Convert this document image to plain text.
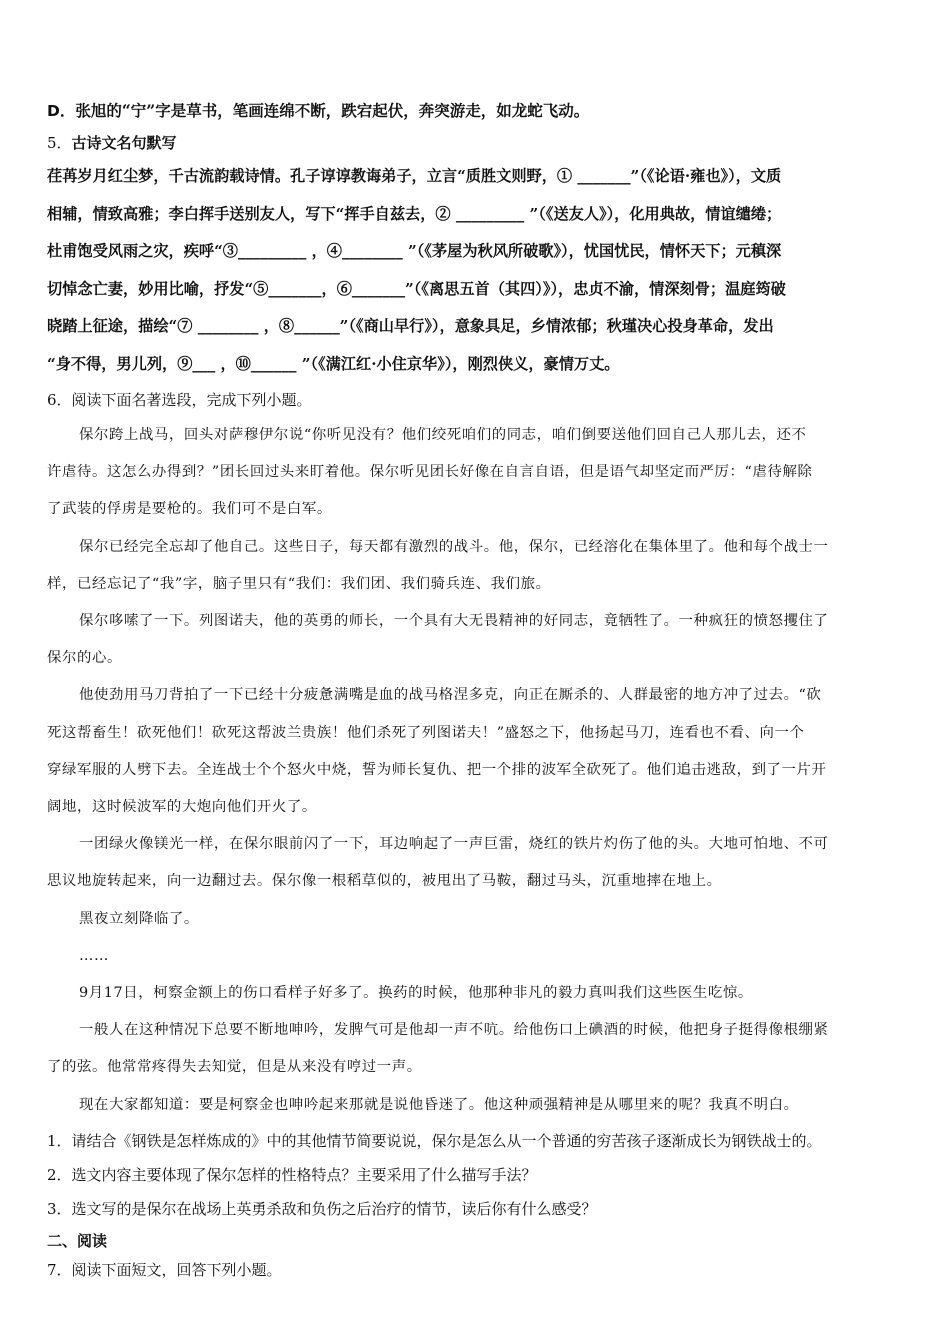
D．张旭的“宁”字是草书，笔画连绵不断，跌宕起伏，奔突游走，如龙蛇飞动。
5．古诗文名句默写
荏苒岁月红尘梦，千古流韵载诗情。孔子谆谆教诲弟子，立言“质胜文则野，① _______”（《论语·雍也》），文质
相辅，情致高雅；李白挥手送别友人，写下“挥手自兹去，② _________ ”（《送友人》），化用典故，情谊缱绻；
杜甫饱受风雨之灾，疾呼“③_________ ，④________ ”（《茅屋为秋风所破歌》），忧国忧民，情怀天下；元稹深
切悼念亡妻，妙用比喻，抒发“⑤_______，⑥_______”（《离思五首（其四）》），忠贞不渝，情深刻骨；温庭筠破
晓踏上征途，描绘“⑦ ________ ，⑧______”（《商山早行》），意象具足，乡情浓郁；秋瑾决心投身革命，发出
“身不得，男儿列，⑨___ ，⑩______ ”（《满江红·小住京华》），刚烈侠义，豪情万丈。
6．阅读下面名著选段，完成下列小题。
保尔跨上战马，回头对萨穆伊尔说“你听见没有？他们绞死咱们的同志，咱们倒要送他们回自己人那儿去，还不
许虐待。这怎么办得到？”团长回过头来盯着他。保尔听见团长好像在自言自语，但是语气却坚定而严厉：“虐待解除
了武装的俘虏是要枪的。我们可不是白军。
保尔已经完全忘却了他自己。这些日子，每天都有激烈的战斗。他，保尔，已经溶化在集体里了。他和每个战士一
样，已经忘记了“我”字，脑子里只有“我们：我们团、我们骑兵连、我们旅。
保尔哆嗦了一下。列图诺夫，他的英勇的师长，一个具有大无畏精神的好同志，竟牺牲了。一种疯狂的愤怒攫住了
保尔的心。
他使劲用马刀背拍了一下已经十分疲惫满嘴是血的战马格涅多克，向正在厮杀的、人群最密的地方冲了过去。“砍
死这帮畜生！砍死他们！砍死这帮波兰贵族！他们杀死了列图诺夫！”盛怒之下，他扬起马刀，连看也不看、向一个
穿绿军服的人劈下去。全连战士个个怒火中烧，誓为师长复仇、把一个排的波军全砍死了。他们追击逃敌，到了一片开
阔地，这时候波军的大炮向他们开火了。
一团绿火像镁光一样，在保尔眼前闪了一下，耳边响起了一声巨雷，烧红的铁片灼伤了他的头。大地可怕地、不可
思议地旋转起来，向一边翻过去。保尔像一根稻草似的，被甩出了马鞍，翻过马头，沉重地摔在地上。
黑夜立刻降临了。
……
9月17日，柯察金额上的伤口看样子好多了。换药的时候，他那种非凡的毅力真叫我们这些医生吃惊。
一般人在这种情况下总要不断地呻吟，发脾气可是他却一声不吭。给他伤口上碘酒的时候，他把身子挺得像根绷紧
了的弦。他常常疼得失去知觉，但是从来没有哼过一声。
现在大家都知道：要是柯察金也呻吟起来那就是说他昏迷了。他这种顽强精神是从哪里来的呢？我真不明白。
1．请结合《钢铁是怎样炼成的》中的其他情节简要说说，保尔是怎么从一个普通的穷苦孩子逐渐成长为钢铁战士的。
2．选文内容主要体现了保尔怎样的性格特点？主要采用了什么描写手法？
3．选文写的是保尔在战场上英勇杀敌和负伤之后治疗的情节，读后你有什么感受？
二、阅读
7．阅读下面短文，回答下列小题。
